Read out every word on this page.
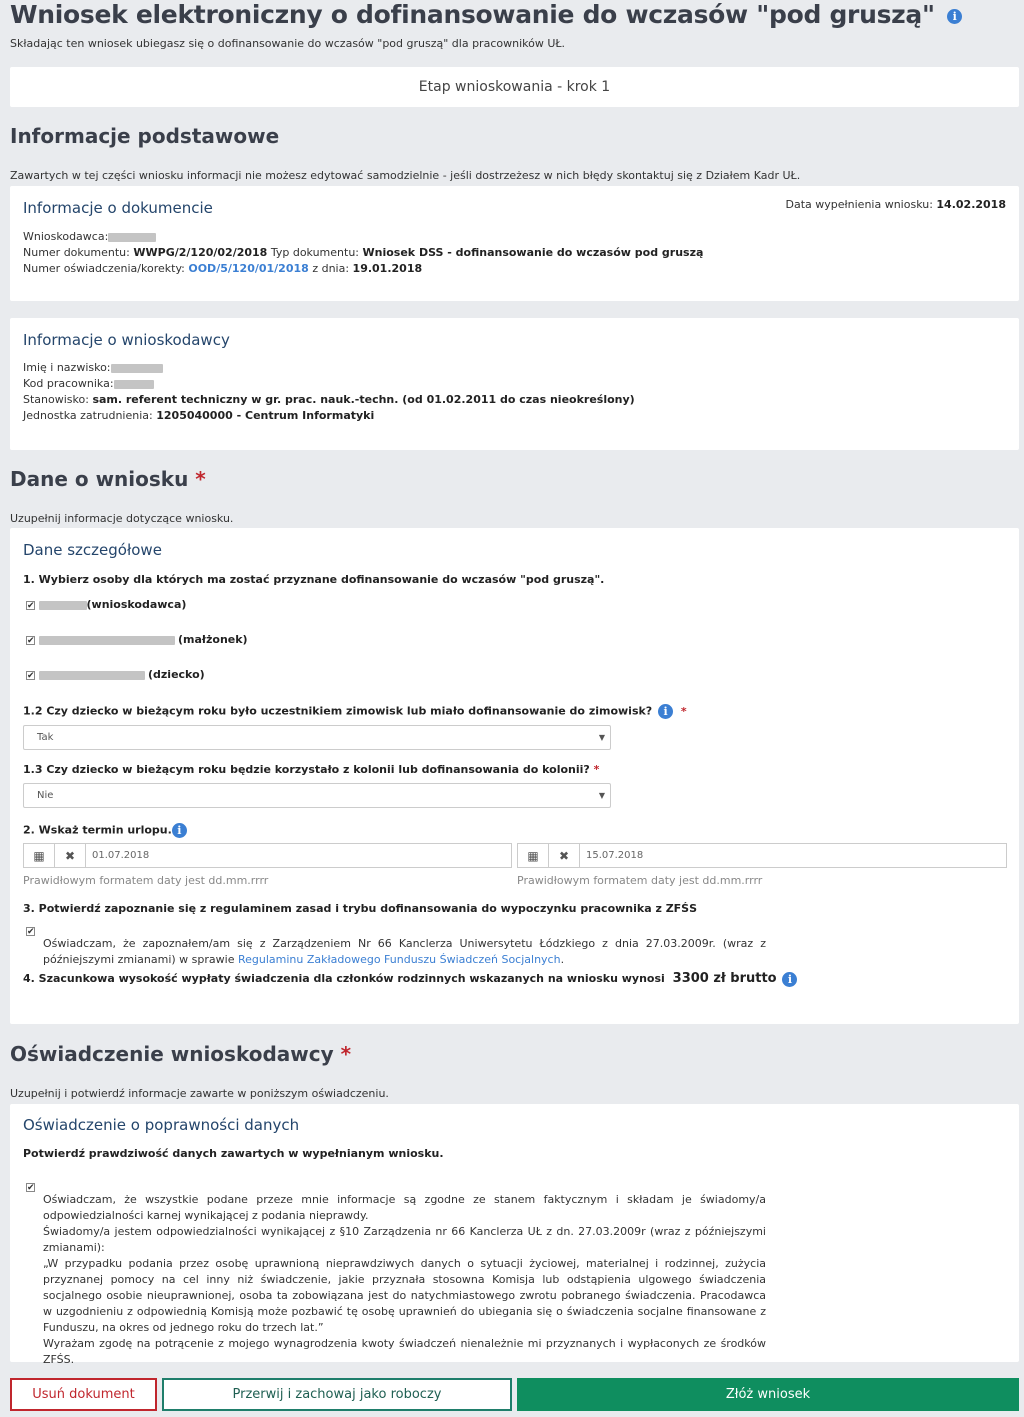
Wniosek elektroniczny o dofinansowanie do wczasów "pod gruszą" i
Składając ten wniosek ubiegasz się o dofinansowanie do wczasów "pod gruszą" dla pracowników UŁ.
Etap wnioskowania - krok 1
Informacje podstawowe
Zawartych w tej części wniosku informacji nie możesz edytować samodzielnie - jeśli dostrzeżesz w nich błędy skontaktuj się z Działem Kadr UŁ.
Informacje o dokumencie	Data wypełnienia wniosku: 14.02.2018
Wnioskodawca:
Numer dokumentu: WWPG/2/120/02/2018 Typ dokumentu: Wniosek DSS - dofinansowanie do wczasów pod gruszą
Numer oświadczenia/korekty: OOD/5/120/01/2018 z dnia: 19.01.2018
Informacje o wnioskodawcy
Imię i nazwisko:
Kod pracownika:
Stanowisko: sam. referent techniczny w gr. prac. nauk.-techn. (od 01.02.2011 do czas nieokreślony)
Jednostka zatrudnienia: 1205040000 - Centrum Informatyki
Dane o wniosku *
Uzupełnij informacje dotyczące wniosku.
Dane szczegółowe
1. Wybierz osoby dla których ma zostać przyznane dofinansowanie do wczasów "pod gruszą".
✔ (wnioskodawca)
✔  (małżonek)
✔  (dziecko)
1.2 Czy dziecko w bieżącym roku było uczestnikiem zimowisk lub miało dofinansowanie do zimowisk? i *
Tak	▼
1.3 Czy dziecko w bieżącym roku będzie korzystało z kolonii lub dofinansowania do kolonii? *
Nie	▼
2. Wskaż termin urlopu. i
▦	✖	01.07.2018	▦	✖	15.07.2018
Prawidłowym formatem daty jest dd.mm.rrrr	Prawidłowym formatem daty jest dd.mm.rrrr
3. Potwierdź zapoznanie się z regulaminem zasad i trybu dofinansowania do wypoczynku pracownika z ZFŚS
✔
Oświadczam, że zapoznałem/am się z Zarządzeniem Nr 66 Kanclerza Uniwersytetu Łódzkiego z dnia 27.03.2009r. (wraz z późniejszymi zmianami) w sprawie Regulaminu Zakładowego Funduszu Świadczeń Socjalnych.
4. Szacunkowa wysokość wypłaty świadczenia dla członków rodzinnych wskazanych na wniosku wynosi 3300 zł brutto i
Oświadczenie wnioskodawcy *
Uzupełnij i potwierdź informacje zawarte w poniższym oświadczeniu.
Oświadczenie o poprawności danych
Potwierdź prawdziwość danych zawartych w wypełnianym wniosku.
✔
Oświadczam, że wszystkie podane przeze mnie informacje są zgodne ze stanem faktycznym i składam je świadomy/a odpowiedzialności karnej wynikającej z podania nieprawdy.
Świadomy/a jestem odpowiedzialności wynikającej z §10 Zarządzenia nr 66 Kanclerza UŁ z dn. 27.03.2009r (wraz z późniejszymi zmianami):
„W przypadku podania przez osobę uprawnioną nieprawdziwych danych o sytuacji życiowej, materialnej i rodzinnej, zużycia przyznanej pomocy na cel inny niż świadczenie, jakie przyznała stosowna Komisja lub odstąpienia ulgowego świadczenia socjalnego osobie nieuprawnionej, osoba ta zobowiązana jest do natychmiastowego zwrotu pobranego świadczenia. Pracodawca w uzgodnieniu z odpowiednią Komisją może pozbawić tę osobę uprawnień do ubiegania się o świadczenia socjalne finansowane z Funduszu, na okres od jednego roku do trzech lat.”
Wyrażam zgodę na potrącenie z mojego wynagrodzenia kwoty świadczeń nienależnie mi przyznanych i wypłaconych ze środków ZFŚS.
Usuń dokument	Przerwij i zachowaj jako roboczy	Złóż wniosek
